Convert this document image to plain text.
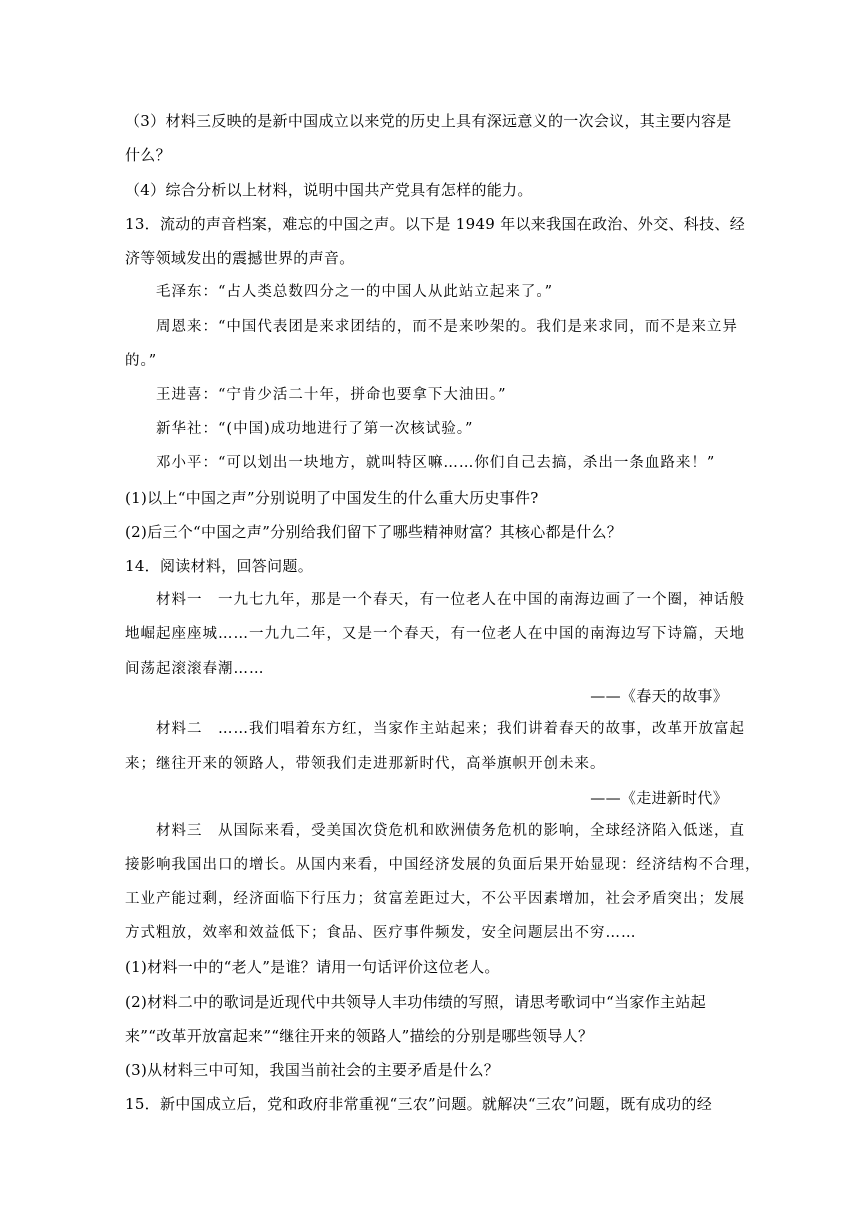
（3）材料三反映的是新中国成立以来党的历史上具有深远意义的一次会议，其主要内容是
什么？
（4）综合分析以上材料，说明中国共产党具有怎样的能力。
13．流动的声音档案，难忘的中国之声。以下是 1949 年以来我国在政治、外交、科技、经
济等领域发出的震撼世界的声音。
毛泽东：“占人类总数四分之一的中国人从此站立起来了。”
周恩来：“中国代表团是来求团结的，而不是来吵架的。我们是来求同，而不是来立异
的。”
王进喜：“宁肯少活二十年，拼命也要拿下大油田。”
新华社：“(中国)成功地进行了第一次核试验。”
邓小平：“可以划出一块地方，就叫特区嘛……你们自己去搞，杀出一条血路来！”
(1)以上“中国之声”分别说明了中国发生的什么重大历史事件?
(2)后三个“中国之声”分别给我们留下了哪些精神财富？其核心都是什么？
14．阅读材料，回答问题。
材料一　一九七九年，那是一个春天，有一位老人在中国的南海边画了一个圈，神话般
地崛起座座城……一九九二年，又是一个春天，有一位老人在中国的南海边写下诗篇，天地
间荡起滚滚春潮……
——《春天的故事》
材料二　……我们唱着东方红，当家作主站起来；我们讲着春天的故事，改革开放富起
来；继往开来的领路人，带领我们走进那新时代，高举旗帜开创未来。
——《走进新时代》
材料三　从国际来看，受美国次贷危机和欧洲债务危机的影响，全球经济陷入低迷，直
接影响我国出口的增长。从国内来看，中国经济发展的负面后果开始显现：经济结构不合理，
工业产能过剩，经济面临下行压力；贫富差距过大，不公平因素增加，社会矛盾突出；发展
方式粗放，效率和效益低下；食品、医疗事件频发，安全问题层出不穷……
(1)材料一中的“老人”是谁？请用一句话评价这位老人。
(2)材料二中的歌词是近现代中共领导人丰功伟绩的写照，请思考歌词中“当家作主站起
来”“改革开放富起来”“继往开来的领路人”描绘的分别是哪些领导人？
(3)从材料三中可知，我国当前社会的主要矛盾是什么？
15．新中国成立后，党和政府非常重视“三农”问题。就解决“三农”问题，既有成功的经
